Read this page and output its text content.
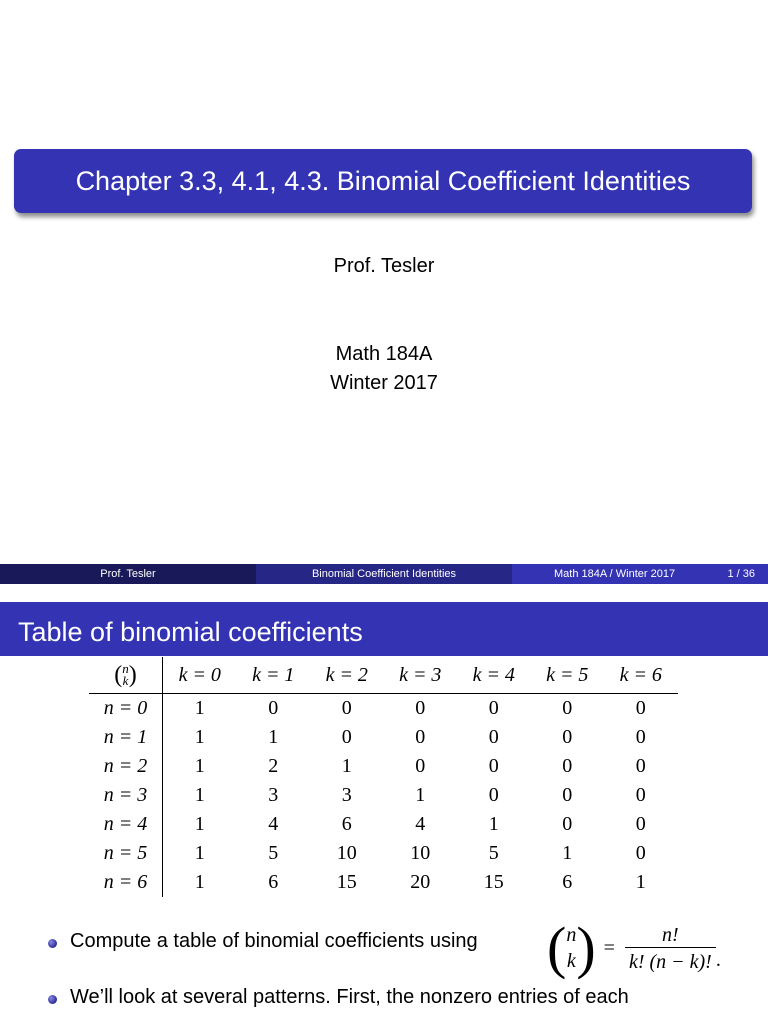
Chapter 3.3, 4.1, 4.3. Binomial Coefficient Identities
Prof. Tesler
Math 184A
Winter 2017
Prof. Tesler	Binomial Coefficient Identities	Math 184A / Winter 2017	1 / 36
Table of binomial coefficients
(n
k)	k = 0	k = 1	k = 2	k = 3	k = 4	k = 5	k = 6
n = 0	1	0	0	0	0	0	0
n = 1	1	1	0	0	0	0	0
n = 2	1	2	1	0	0	0	0
n = 3	1	3	3	1	0	0	0
n = 4	1	4	6	4	1	0	0
n = 5	1	5	10	10	5	1	0
n = 6	1	6	15	20	15	6	1
Compute a table of binomial coefficients using ( n
k ) = $\frac{n!}{k! (n - k)!}$ .
We’ll look at several patterns. First, the nonzero entries of each
